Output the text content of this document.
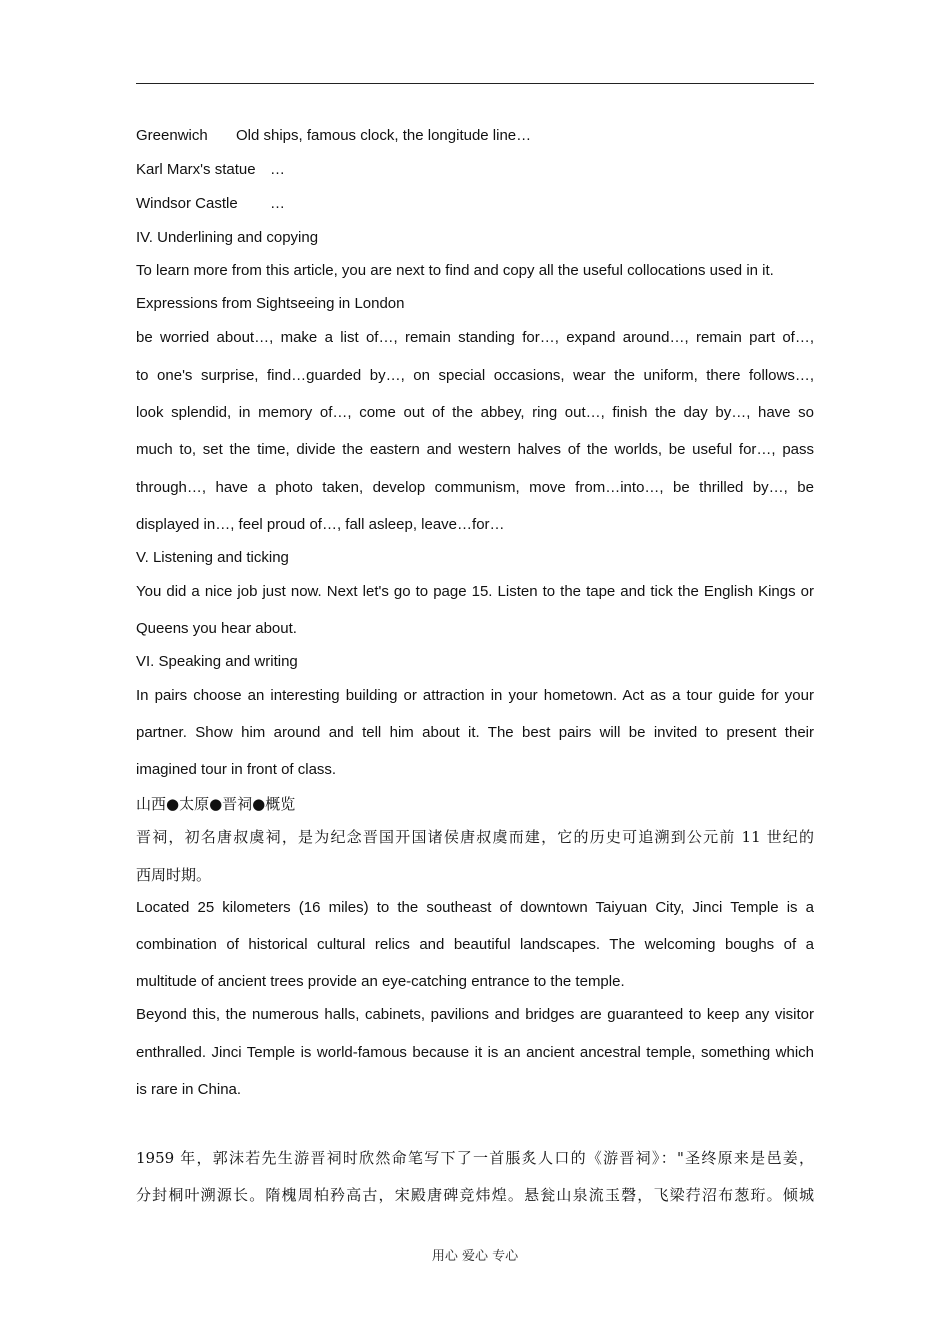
Greenwich Old ships, famous clock, the longitude line…
Karl Marx's statue …
Windsor Castle …
IV. Underlining and copying
To learn more from this article, you are next to find and copy all the useful collocations used in it.
Expressions from Sightseeing in London
be worried about…, make a list of…, remain standing for…, expand around…, remain part of…,
to one's surprise, find…guarded by…, on special occasions, wear the uniform, there follows…,
look splendid, in memory of…, come out of the abbey, ring out…, finish the day by…, have so
much to, set the time, divide the eastern and western halves of the worlds, be useful for…, pass
through…, have a photo taken, develop communism, move from…into…, be thrilled by…, be
displayed in…, feel proud of…, fall asleep, leave…for…
V. Listening and ticking
You did a nice job just now. Next let's go to page 15. Listen to the tape and tick the English Kings or
Queens you hear about.
VI. Speaking and writing
In pairs choose an interesting building or attraction in your hometown. Act as a tour guide for your
partner. Show him around and tell him about it. The best pairs will be invited to present their
imagined tour in front of class.
山西●太原●晋祠●概览
晋祠，初名唐叔虞祠，是为纪念晋国开国诸侯唐叔虞而建，它的历史可追溯到公元前 11 世纪的
西周时期。
Located 25 kilometers (16 miles) to the southeast of downtown Taiyuan City, Jinci Temple is a
combination of historical cultural relics and beautiful landscapes. The welcoming boughs of a
multitude of ancient trees provide an eye-catching entrance to the temple.
Beyond this, the numerous halls, cabinets, pavilions and bridges are guaranteed to keep any visitor
enthralled. Jinci Temple is world-famous because it is an ancient ancestral temple, something which
is rare in China.
1959 年，郭沫若先生游晋祠时欣然命笔写下了一首脹炙人口的《游晋祠》："圣终原来是邑姜，
分封桐叶溯源长。隋槐周柏矜高古，宋殿唐碑竞炜煌。悬瓮山泉流玉磬，飞梁荇沼布葱珩。倾城
用心 爱心 专心
